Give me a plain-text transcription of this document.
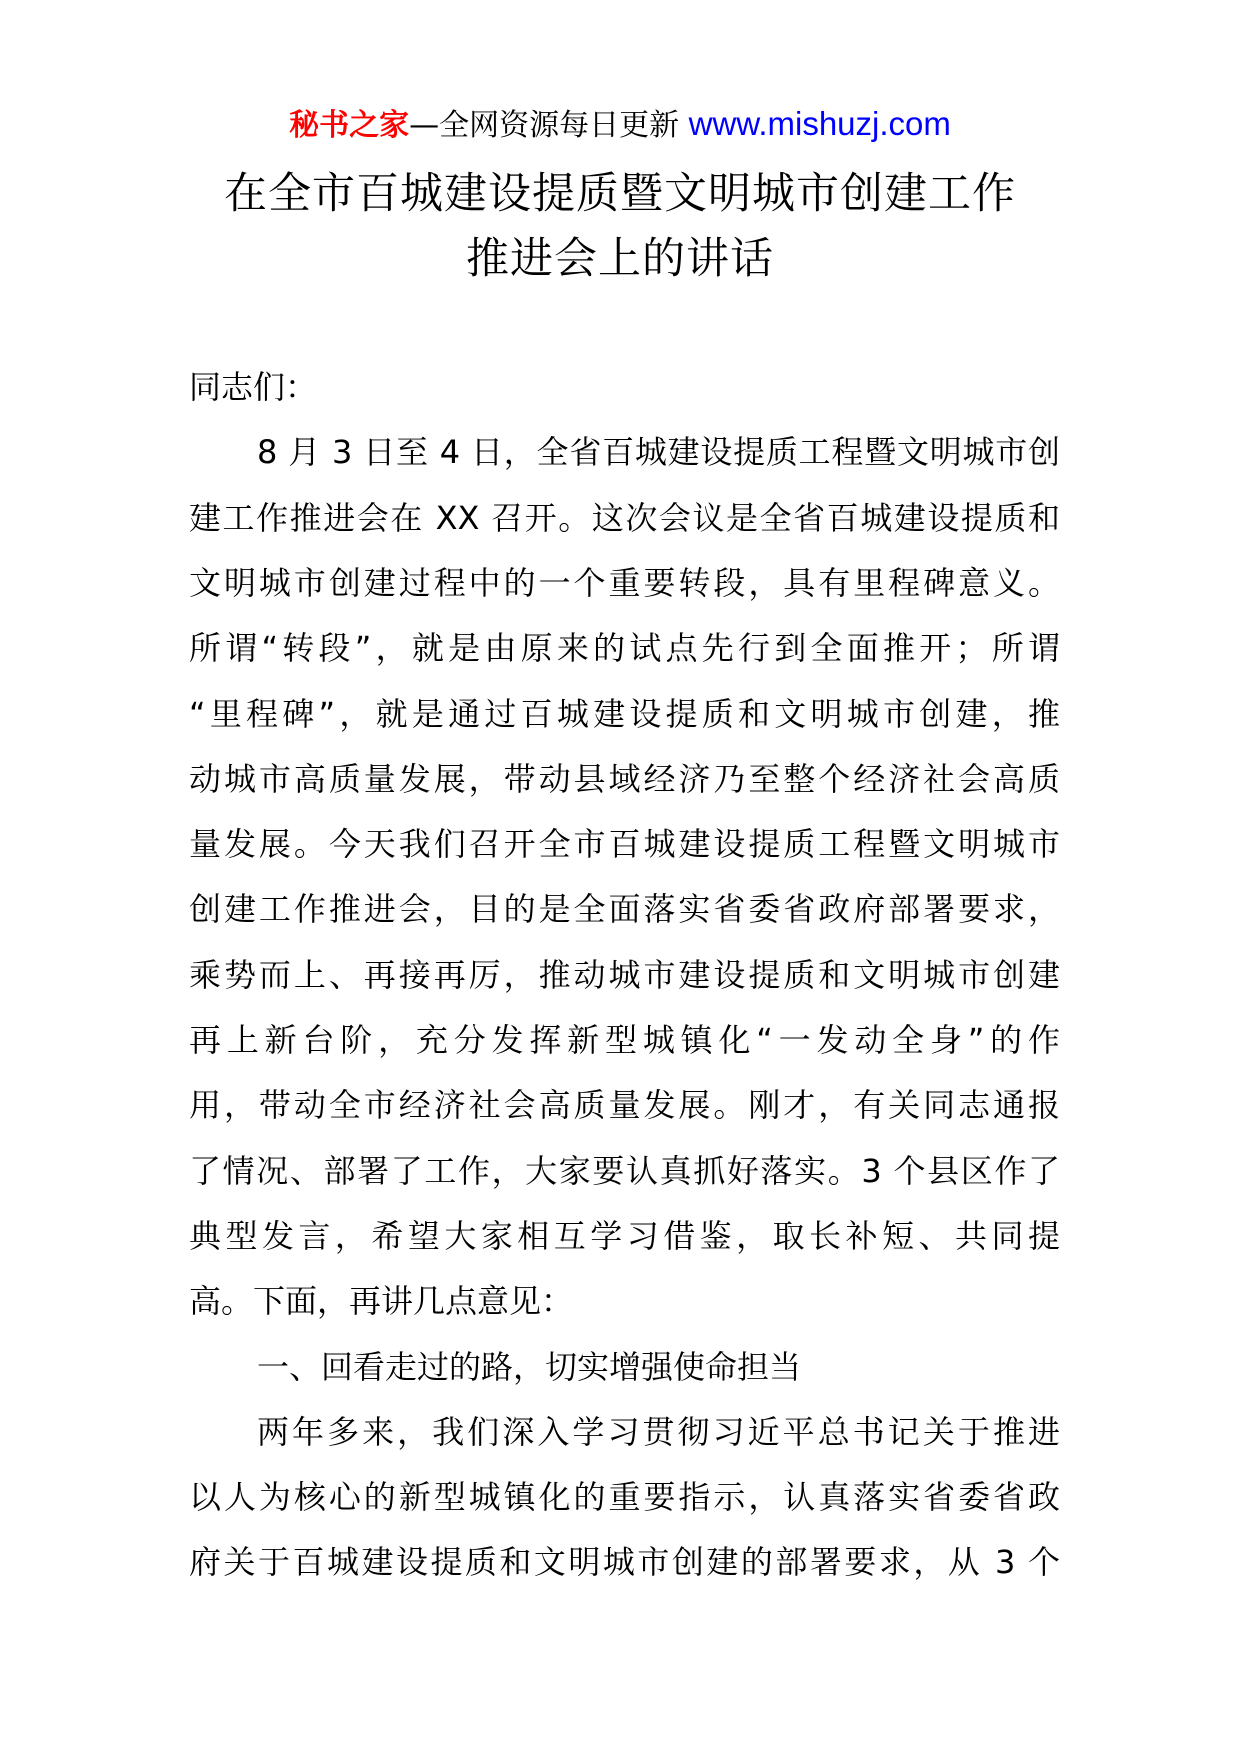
秘书之家—全网资源每日更新 www.mishuzj.com
在全市百城建设提质暨文明城市创建工作
推进会上的讲话
同志们：
8 月 3 日至 4 日，全省百城建设提质工程暨文明城市创
建工作推进会在 XX 召开。这次会议是全省百城建设提质和
文明城市创建过程中的一个重要转段，具有里程碑意义。
所谓“转段”，就是由原来的试点先行到全面推开；所谓
“里程碑”，就是通过百城建设提质和文明城市创建，推
动城市高质量发展，带动县域经济乃至整个经济社会高质
量发展。今天我们召开全市百城建设提质工程暨文明城市
创建工作推进会，目的是全面落实省委省政府部署要求，
乘势而上、再接再厉，推动城市建设提质和文明城市创建
再上新台阶，充分发挥新型城镇化“一发动全身”的作
用，带动全市经济社会高质量发展。刚才，有关同志通报
了情况、部署了工作，大家要认真抓好落实。3 个县区作了
典型发言，希望大家相互学习借鉴，取长补短、共同提
高。下面，再讲几点意见：
一、回看走过的路，切实增强使命担当
两年多来，我们深入学习贯彻习近平总书记关于推进
以人为核心的新型城镇化的重要指示，认真落实省委省政
府关于百城建设提质和文明城市创建的部署要求，从 3 个
